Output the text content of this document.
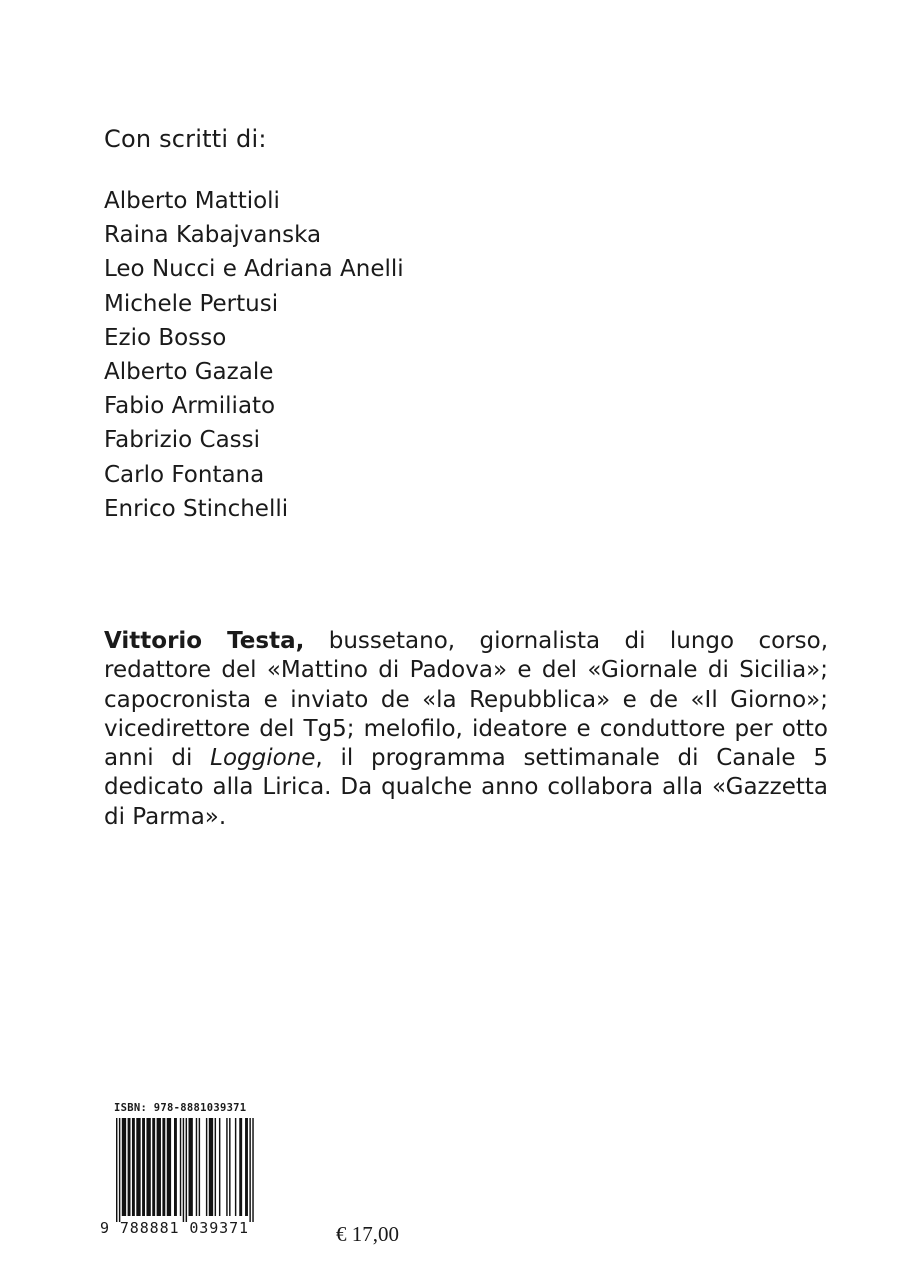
Con scritti di:
Alberto Mattioli
Raina Kabajvanska
Leo Nucci e Adriana Anelli
Michele Pertusi
Ezio Bosso
Alberto Gazale
Fabio Armiliato
Fabrizio Cassi
Carlo Fontana
Enrico Stinchelli

Vittorio Testa, bussetano, giornalista di lungo corso, redattore del «Mattino di Padova» e del «Giornale di Sicilia»; capocronista e inviato de «la Repubblica» e de «Il Giorno»; vicedirettore del Tg5; melofilo, ideatore e conduttore per otto anni di Loggione, il programma settimanale di Canale 5 dedicato alla Lirica. Da qualche anno collabora alla «Gazzetta di Parma».

ISBN: 978-8881039371
9 788881 039371	€ 17,00
